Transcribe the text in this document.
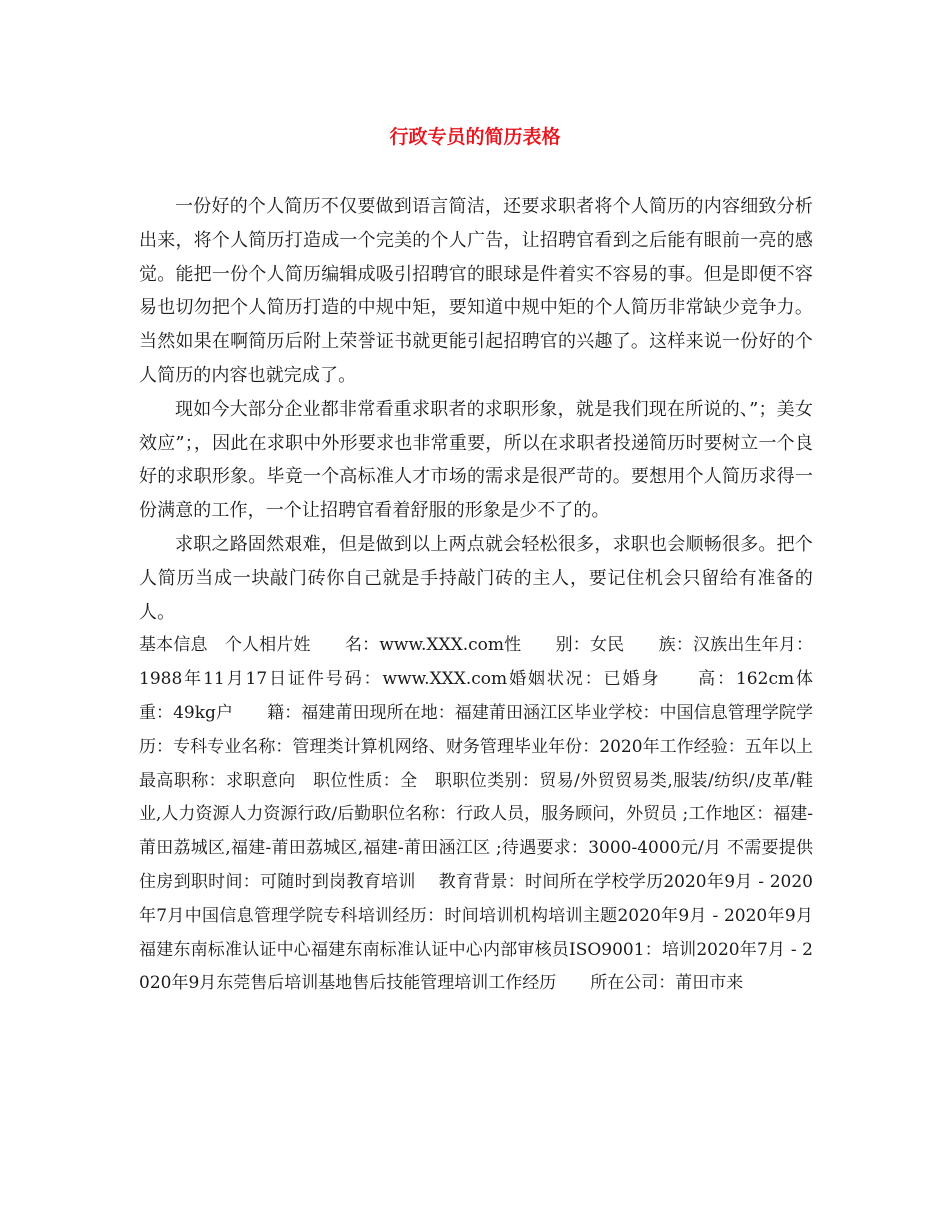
行政专员的简历表格

一份好的个人简历不仅要做到语言简洁，还要求职者将个人简历的内容细致分析出来，将个人简历打造成一个完美的个人广告，让招聘官看到之后能有眼前一亮的感觉。能把一份个人简历编辑成吸引招聘官的眼球是件着实不容易的事。但是即便不容易也切勿把个人简历打造的中规中矩，要知道中规中矩的个人简历非常缺少竞争力。当然如果在啊简历后附上荣誉证书就更能引起招聘官的兴趣了。这样来说一份好的个人简历的内容也就完成了。

现如今大部分企业都非常看重求职者的求职形象，就是我们现在所说的、”；美女效应”；，因此在求职中外形要求也非常重要，所以在求职者投递简历时要树立一个良好的求职形象。毕竟一个高标准人才市场的需求是很严苛的。要想用个人简历求得一份满意的工作，一个让招聘官看着舒服的形象是少不了的。

求职之路固然艰难，但是做到以上两点就会轻松很多，求职也会顺畅很多。把个人简历当成一块敲门砖你自己就是手持敲门砖的主人，要记住机会只留给有准备的人。

基本信息　个人相片姓　　名：www.XXX.com性　　别：女民　　族：汉族出生年月：1988年11月17日证件号码：www.XXX.com婚姻状况：已婚身　　高：162cm体　　重：49kg户　　籍：福建莆田现所在地：福建莆田涵江区毕业学校：中国信息管理学院学　　历：专科专业名称：管理类计算机网络、财务管理毕业年份：2020年工作经验：五年以上最高职称：求职意向　职位性质：全　职职位类别：贸易/外贸贸易类,服装/纺织/皮革/鞋业,人力资源人力资源行政/后勤职位名称：行政人员，服务顾问，外贸员 ;工作地区：福建-莆田荔城区,福建-莆田荔城区,福建-莆田涵江区 ;待遇要求：3000-4000元/月 不需要提供住房到职时间：可随时到岗教育培训　 教育背景：时间所在学校学历2020年9月 - 2020年7月中国信息管理学院专科培训经历：时间培训机构培训主题2020年9月 - 2020年9月福建东南标准认证中心福建东南标准认证中心内部审核员ISO9001：培训2020年7月 - 2020年9月东莞售后培训基地售后技能管理培训工作经历　　所在公司：莆田市来
